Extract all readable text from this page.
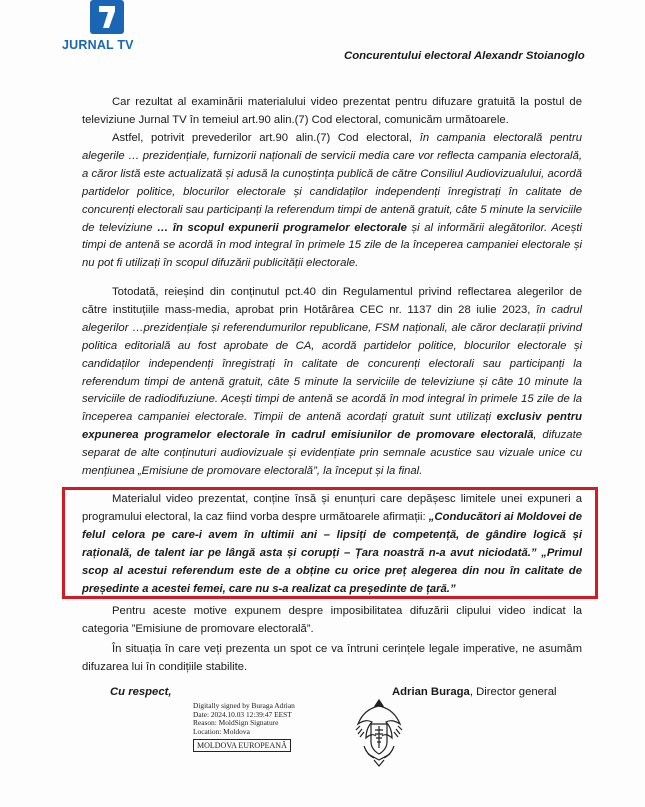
JURNAL TV
Concurentului electoral Alexandr Stoianoglo

Car rezultat al examinării materialului video prezentat pentru difuzare gratuită la postul de televiziune Jurnal TV în temeiul art.90 alin.(7) Cod electoral, comunicăm următoarele.

Astfel, potrivit prevederilor art.90 alin.(7) Cod electoral, în campania electorală pentru alegerile … prezidențiale, furnizorii naționali de servicii media care vor reflecta campania electorală, a căror listă este actualizată și adusă la cunoștința publică de către Consiliul Audiovizualului, acordă partidelor politice, blocurilor electorale și candidaților independenți înregistrați în calitate de concurenți electorali sau participanți la referendum timpi de antenă gratuit, câte 5 minute la serviciile de televiziune … în scopul expunerii programelor electorale și al informării alegătorilor. Acești timpi de antenă se acordă în mod integral în primele 15 zile de la începerea campaniei electorale și nu pot fi utilizați în scopul difuzării publicității electorale.

Totodată, reieșind din conținutul pct.40 din Regulamentul privind reflectarea alegerilor de către instituțiile mass-media, aprobat prin Hotărârea CEC nr. 1137 din 28 iulie 2023, în cadrul alegerilor …prezidențiale și referendumurilor republicane, FSM naționali, ale căror declarații privind politica editorială au fost aprobate de CA, acordă partidelor politice, blocurilor electorale și candidaților independenți înregistrați în calitate de concurenți electorali sau participanți la referendum timpi de antenă gratuit, câte 5 minute la serviciile de televiziune și câte 10 minute la serviciile de radiodifuziune. Acești timpi de antenă se acordă în mod integral în primele 15 zile de la începerea campaniei electorale. Timpii de antenă acordați gratuit sunt utilizați exclusiv pentru expunerea programelor electorale în cadrul emisiunilor de promovare electorală, difuzate separat de alte conținuturi audiovizuale și evidențiate prin semnale acustice sau vizuale unice cu mențiunea „Emisiune de promovare electorală”, la început și la final.

Materialul video prezentat, conține însă și enunțuri care depășesc limitele unei expuneri a programului electoral, la caz fiind vorba despre următoarele afirmații: „Conducători ai Moldovei de felul celora pe care-i avem în ultimii ani – lipsiți de competență, de gândire logică și rațională, de talent iar pe lângă asta și corupți – Țara noastră n-a avut niciodată.” „Primul scop al acestui referendum este de a obține cu orice preț alegerea din nou în calitate de președinte a acestei femei, care nu s-a realizat ca președinte de țară.”

Pentru aceste motive expunem despre imposibilitatea difuzării clipului video indicat la categoria ”Emisiune de promovare electorală”.

În situația în care veți prezenta un spot ce va întruni cerințele legale imperative, ne asumăm difuzarea lui în condițiile stabilite.

Cu respect,	Adrian Buraga, Director general
Digitally signed by Buraga Adrian
Date: 2024.10.03 12:39:47 EEST
Reason: MoldSign Signature
Location: Moldova
MOLDOVA EUROPEANĂ
